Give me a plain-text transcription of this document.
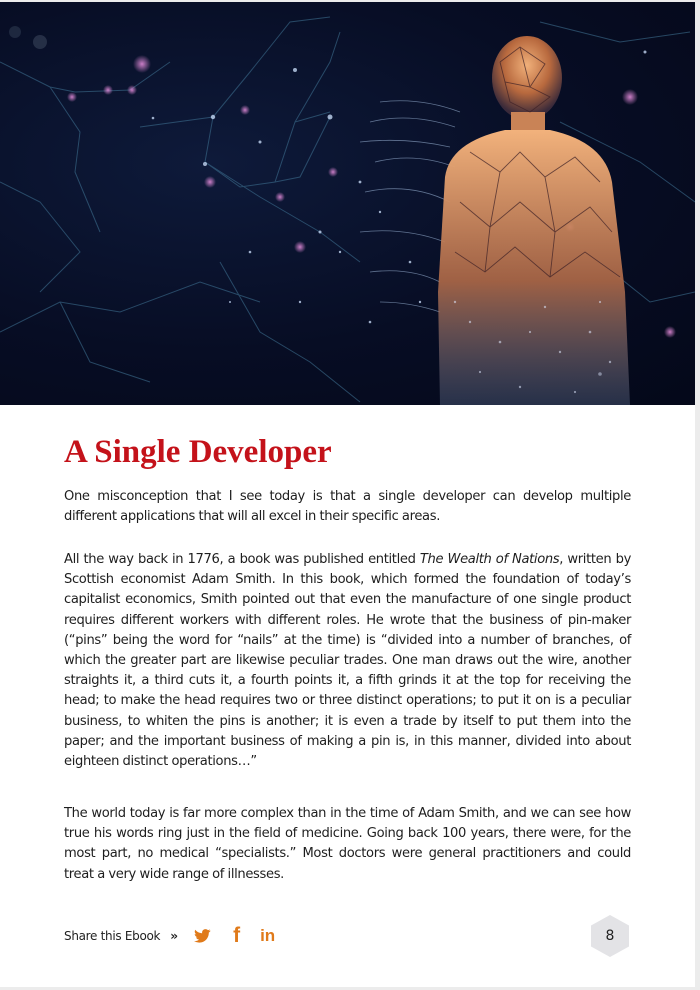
A Single Developer

One misconception that I see today is that a single developer can develop multiple different applications that will all excel in their specific areas.

All the way back in 1776, a book was published entitled The Wealth of Nations, written by Scottish economist Adam Smith. In this book, which formed the foundation of today’s capitalist economics, Smith pointed out that even the manufacture of one single product requires different workers with different roles. He wrote that the business of pin-maker (“pins” being the word for “nails” at the time) is “divided into a number of branches, of which the greater part are likewise peculiar trades. One man draws out the wire, another straights it, a third cuts it, a fourth points it, a fifth grinds it at the top for receiving the head; to make the head requires two or three distinct operations; to put it on is a peculiar business, to whiten the pins is another; it is even a trade by itself to put them into the paper; and the important business of making a pin is, in this manner, divided into about eighteen distinct operations…”

The world today is far more complex than in the time of Adam Smith, and we can see how true his words ring just in the field of medicine. Going back 100 years, there were, for the most part, no medical “specialists.” Most doctors were general practitioners and could treat a very wide range of illnesses.

Share this Ebook ››	f in	8
